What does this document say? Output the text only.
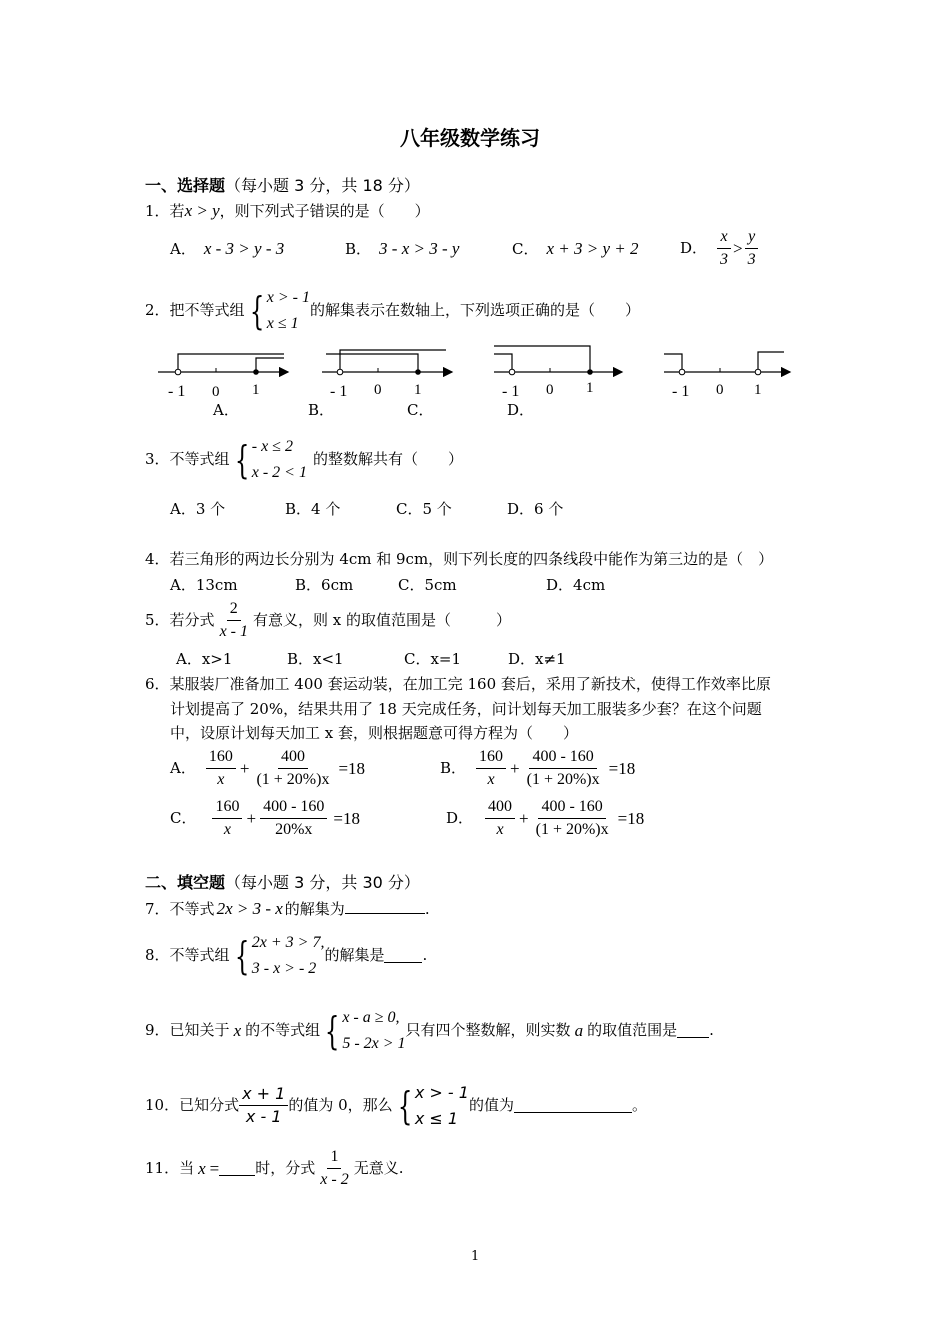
八年级数学练习
一、选择题（每小题 3 分，共 18 分）
1．若x > y，则下列式子错误的是（　　）
A． x - 3 > y - 3	B． 3 - x > 3 - y	C． x + 3 > y + 2	D． $\frac{x}{3} > \frac{y}{3}$
2． 把不等式组 { x > - 1
x ≤ 1
的解集表示在数轴上，下列选项正确的是（　　）
- 1 0 1	- 1 0 1	- 1 0 1	- 1 0 1
A．	B．	C．	D．
3． 不等式组 { - x ≤ 2
x - 2 < 1
的整数解共有（　　）
A．3 个	B．4 个	C．5 个	D．6 个
4．若三角形的两边长分别为 4cm 和 9cm，则下列长度的四条线段中能作为第三边的是（　）
A．13cm	B．6cm	C．5cm	D．4cm
5． 若分式 $\frac{2}{x - 1}$ 有意义，则 x 的取值范围是（　　　）
A．x>1	B．x<1	C．x=1	D．x≠1
6．某服装厂准备加工 400 套运动装，在加工完 160 套后，采用了新技术，使得工作效率比原
计划提高了 20%，结果共用了 18 天完成任务，问计划每天加工服装多少套？在这个问题
中，设原计划每天加工 x 套，则根据题意可得方程为（　　）
A． $\frac{160}{x} + \frac{400}{(1 + 20\%)x} =18$	B． $\frac{160}{x} + \frac{400 - 160}{(1 + 20\%)x} =18$
C． $\frac{160}{x} + \frac{400 - 160}{20\%x} =18$	D． $\frac{400}{x} + \frac{400 - 160}{(1 + 20\%)x} =18$
二、填空题（每小题 3 分，共 30 分）
7． 不等式 2x > 3 - x 的解集为	.
8． 不等式组 { 2x + 3 > 7,
3 - x > - 2
的解集是	.
9． 已知关于 x 的不等式组 { x - a ≥ 0,
5 - 2x > 1
只有四个整数解，则实数 a 的取值范围是 .
10． 已知分式 $\frac{x + 1}{x - 1}$ 的值为 0，那么 { x > - 1
x ≤ 1
的值为	。
11． 当 x = 时，分式 $\frac{1}{x - 2}$ 无意义.
1
